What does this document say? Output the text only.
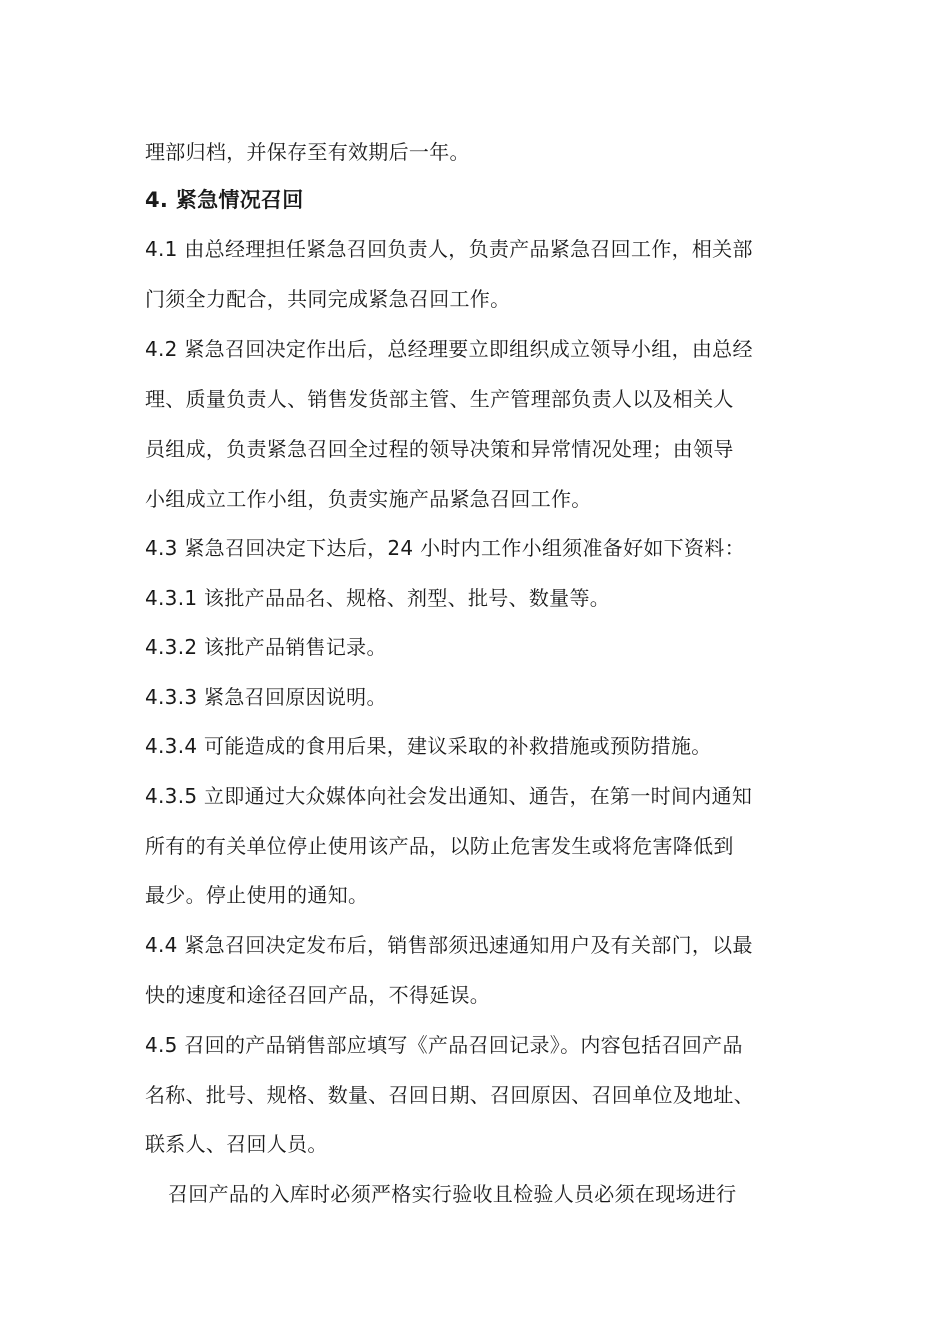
理部归档，并保存至有效期后一年。
4. 紧急情况召回
4.1 由总经理担任紧急召回负责人，负责产品紧急召回工作，相关部
门须全力配合，共同完成紧急召回工作。
4.2 紧急召回决定作出后，总经理要立即组织成立领导小组，由总经
理、质量负责人、销售发货部主管、生产管理部负责人以及相关人
员组成，负责紧急召回全过程的领导决策和异常情况处理；由领导
小组成立工作小组，负责实施产品紧急召回工作。
4.3 紧急召回决定下达后，24 小时内工作小组须准备好如下资料：
4.3.1 该批产品品名、规格、剂型、批号、数量等。
4.3.2 该批产品销售记录。
4.3.3 紧急召回原因说明。
4.3.4 可能造成的食用后果，建议采取的补救措施或预防措施。
4.3.5 立即通过大众媒体向社会发出通知、通告，在第一时间内通知
所有的有关单位停止使用该产品，以防止危害发生或将危害降低到
最少。停止使用的通知。
4.4 紧急召回决定发布后，销售部须迅速通知用户及有关部门，以最
快的速度和途径召回产品，不得延误。
4.5 召回的产品销售部应填写《产品召回记录》。内容包括召回产品
名称、批号、规格、数量、召回日期、召回原因、召回单位及地址、
联系人、召回人员。
召回产品的入库时必须严格实行验收且检验人员必须在现场进行
